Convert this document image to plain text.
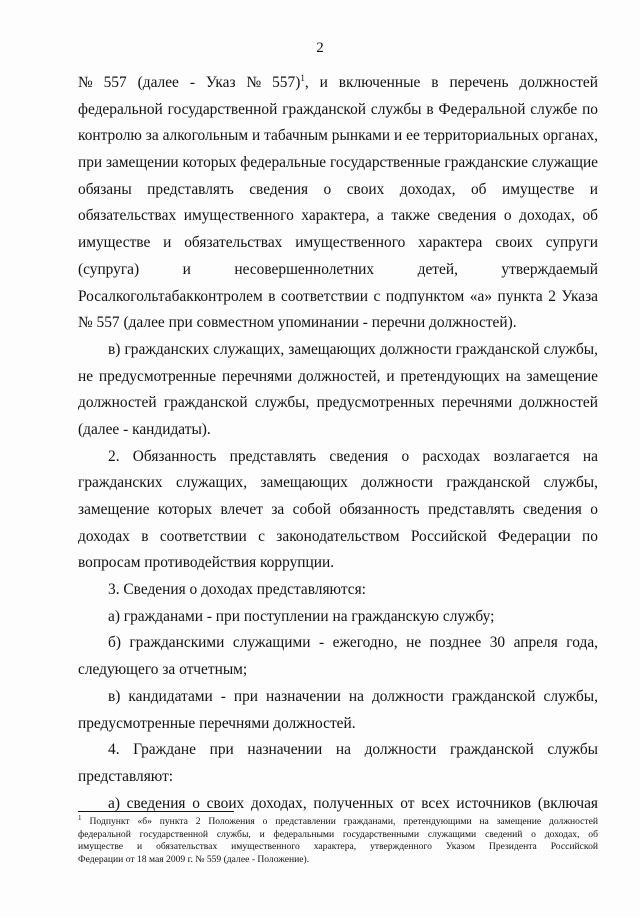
2
№ 557 (далее - Указ № 557)$^1$, и включенные в перечень должностей
федеральной государственной гражданской службы в Федеральной службе по
контролю за алкогольным и табачным рынками и ее территориальных органах,
при замещении которых федеральные государственные гражданские служащие
обязаны представлять сведения о своих доходах, об имуществе и
обязательствах имущественного характера, а также сведения о доходах, об
имуществе и обязательствах имущественного характера своих супруги
(супруга) и несовершеннолетних детей, утверждаемый
Росалкогольтабакконтролем в соответствии с подпунктом «а» пункта 2 Указа
№ 557 (далее при совместном упоминании - перечни должностей).
в) гражданских служащих, замещающих должности гражданской службы,
не предусмотренные перечнями должностей, и претендующих на замещение
должностей гражданской службы, предусмотренных перечнями должностей
(далее - кандидаты).
2. Обязанность представлять сведения о расходах возлагается на
гражданских служащих, замещающих должности гражданской службы,
замещение которых влечет за собой обязанность представлять сведения о
доходах в соответствии с законодательством Российской Федерации по
вопросам противодействия коррупции.
3. Сведения о доходах представляются:
а) гражданами - при поступлении на гражданскую службу;
б) гражданскими служащими - ежегодно, не позднее 30 апреля года,
следующего за отчетным;
в) кандидатами - при назначении на должности гражданской службы,
предусмотренные перечнями должностей.
4. Граждане при назначении на должности гражданской службы
представляют:
а) сведения о своих доходах, полученных от всех источников (включая
$^1$ Подпункт «б» пункта 2 Положения о представлении гражданами, претендующими на замещение должностей
федеральной государственной службы, и федеральными государственными служащими сведений о доходах, об
имуществе и обязательствах имущественного характера, утвержденного Указом Президента Российской
Федерации от 18 мая 2009 г. № 559 (далее - Положение).
